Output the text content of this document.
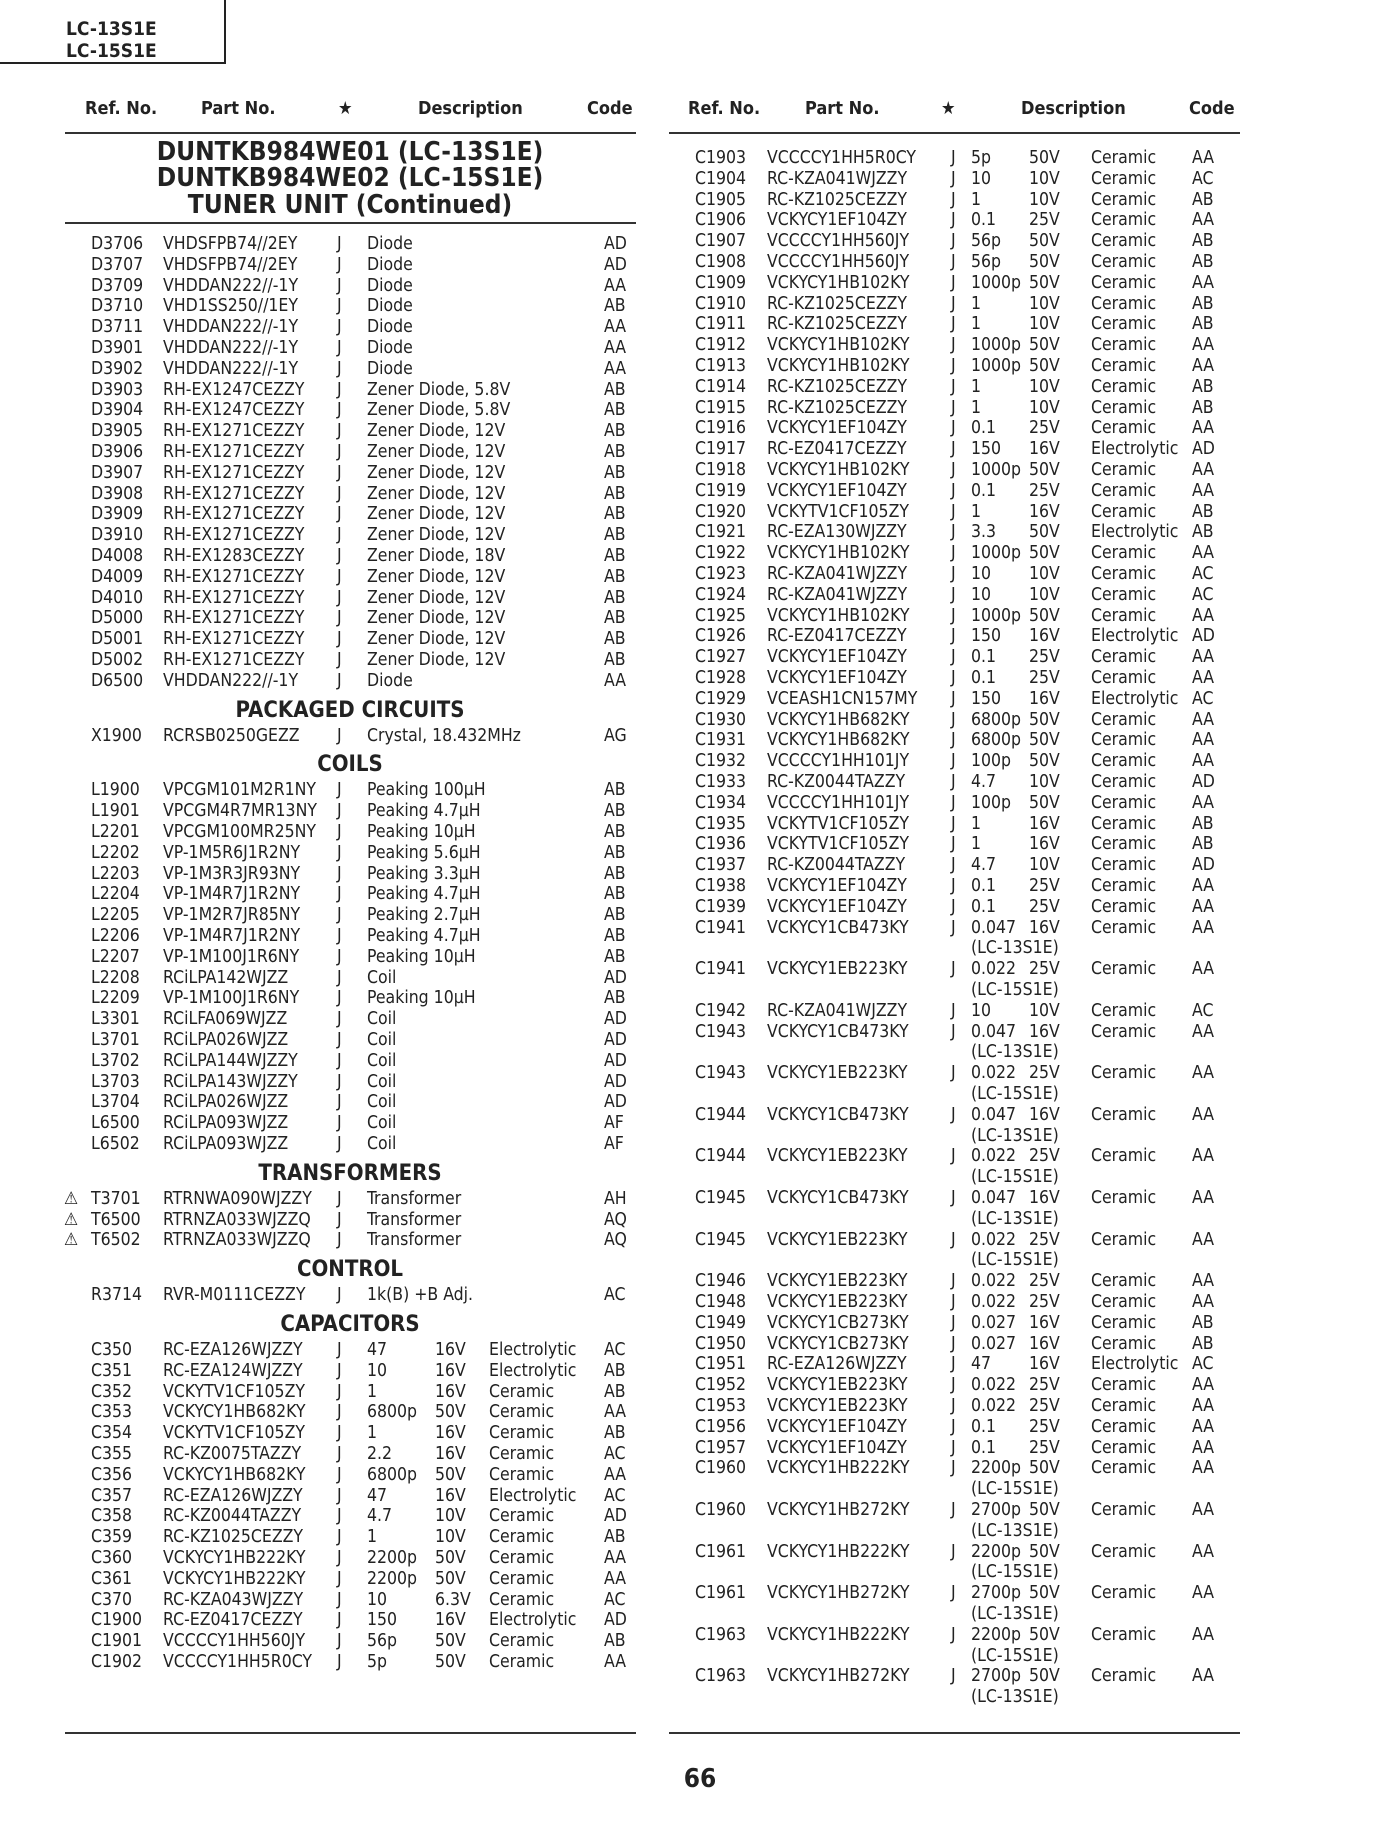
LC-13S1E
LC-15S1E
Ref. No. Part No.	★	Description	Code	Ref. No. Part No.	★	Description	Code
DUNTKB984WE01 (LC-13S1E)
DUNTKB984WE02 (LC-15S1E)
TUNER UNIT (Continued)
D3706 VHDSFPB74//2EY J Diode	AD
D3707 VHDSFPB74//2EY J Diode	AD
D3709 VHDDAN222//-1Y J Diode	AA
D3710 VHD1SS250//1EY J Diode	AB
D3711 VHDDAN222//-1Y J Diode	AA
D3901 VHDDAN222//-1Y J Diode	AA
D3902 VHDDAN222//-1Y J Diode	AA
D3903 RH-EX1247CEZZY J Zener Diode, 5.8V	AB
D3904 RH-EX1247CEZZY J Zener Diode, 5.8V	AB
D3905 RH-EX1271CEZZY J Zener Diode, 12V	AB
D3906 RH-EX1271CEZZY J Zener Diode, 12V	AB
D3907 RH-EX1271CEZZY J Zener Diode, 12V	AB
D3908 RH-EX1271CEZZY J Zener Diode, 12V	AB
D3909 RH-EX1271CEZZY J Zener Diode, 12V	AB
D3910 RH-EX1271CEZZY J Zener Diode, 12V	AB
D4008 RH-EX1283CEZZY J Zener Diode, 18V	AB
D4009 RH-EX1271CEZZY J Zener Diode, 12V	AB
D4010 RH-EX1271CEZZY J Zener Diode, 12V	AB
D5000 RH-EX1271CEZZY J Zener Diode, 12V	AB
D5001 RH-EX1271CEZZY J Zener Diode, 12V	AB
D5002 RH-EX1271CEZZY J Zener Diode, 12V	AB
D6500 VHDDAN222//-1Y J Diode	AA
PACKAGED CIRCUITS
X1900 RCRSB0250GEZZ J Crystal, 18.432MHz	AG
COILS
L1900 VPCGM101M2R1NY J Peaking 100µH	AB
L1901 VPCGM4R7MR13NY J Peaking 4.7µH	AB
L2201 VPCGM100MR25NY J Peaking 10µH	AB
L2202 VP-1M5R6J1R2NY J Peaking 5.6µH	AB
L2203 VP-1M3R3JR93NY J Peaking 3.3µH	AB
L2204 VP-1M4R7J1R2NY J Peaking 4.7µH	AB
L2205 VP-1M2R7JR85NY J Peaking 2.7µH	AB
L2206 VP-1M4R7J1R2NY J Peaking 4.7µH	AB
L2207 VP-1M100J1R6NY J Peaking 10µH	AB
L2208 RCiLPA142WJZZ	J Coil	AD
L2209 VP-1M100J1R6NY J Peaking 10µH	AB
L3301 RCiLFA069WJZZ	J Coil	AD
L3701 RCiLPA026WJZZ	J Coil	AD
L3702 RCiLPA144WJZZY J Coil	AD
L3703 RCiLPA143WJZZY J Coil	AD
L3704 RCiLPA026WJZZ	J Coil	AD
L6500 RCiLPA093WJZZ	J Coil	AF
L6502 RCiLPA093WJZZ	J Coil	AF
TRANSFORMERS
⚠ T3701 RTRNWA090WJZZY J Transformer	AH
⚠ T6500 RTRNZA033WJZZQ J Transformer	AQ
⚠ T6502 RTRNZA033WJZZQ J Transformer	AQ
CONTROL
R3714 RVR-M0111CEZZY J 1k(B) +B Adj.	AC
CAPACITORS
C350 RC-EZA126WJZZY J 47	16V Electrolytic AC
C351 RC-EZA124WJZZY J 10	16V Electrolytic AB
C352 VCKYTV1CF105ZY J 1	16V Ceramic	AB
C353 VCKYCY1HB682KY J 6800p 50V Ceramic	AA
C354 VCKYTV1CF105ZY J 1	16V Ceramic	AB
C355 RC-KZ0075TAZZY J 2.2 16V Ceramic	AC
C356 VCKYCY1HB682KY J 6800p 50V Ceramic	AA
C357 RC-EZA126WJZZY J 47	16V Electrolytic AC
C358 RC-KZ0044TAZZY J 4.7 10V Ceramic	AD
C359 RC-KZ1025CEZZY J 1	10V Ceramic	AB
C360 VCKYCY1HB222KY J 2200p 50V Ceramic	AA
C361 VCKYCY1HB222KY J 2200p 50V Ceramic	AA
C370 RC-KZA043WJZZY J 10	6.3V Ceramic	AC
C1900 RC-EZ0417CEZZY J 150 16V Electrolytic AD
C1901 VCCCCY1HH560JY J 56p 50V Ceramic	AB
C1902 VCCCCY1HH5R0CY J 5p	50V Ceramic	AA
C1903 VCCCCY1HH5R0CY J 5p 50V Ceramic AA
C1904 RC-KZA041WJZZY	J 10 10V Ceramic AC
C1905 RC-KZ1025CEZZY	J 1	10V Ceramic AB
C1906 VCKYCY1EF104ZY	J 0.1 25V Ceramic AA
C1907 VCCCCY1HH560JY J 56p 50V Ceramic AB
C1908 VCCCCY1HH560JY J 56p 50V Ceramic AB
C1909 VCKYCY1HB102KY J 1000p 50V Ceramic AA
C1910 RC-KZ1025CEZZY	J 1	10V Ceramic AB
C1911 RC-KZ1025CEZZY	J 1	10V Ceramic AB
C1912 VCKYCY1HB102KY J 1000p 50V Ceramic AA
C1913 VCKYCY1HB102KY J 1000p 50V Ceramic AA
C1914 RC-KZ1025CEZZY	J 1	10V Ceramic AB
C1915 RC-KZ1025CEZZY	J 1	10V Ceramic AB
C1916 VCKYCY1EF104ZY	J 0.1 25V Ceramic AA
C1917 RC-EZ0417CEZZY	J 150 16V Electrolytic AD
C1918 VCKYCY1HB102KY J 1000p 50V Ceramic AA
C1919 VCKYCY1EF104ZY	J 0.1 25V Ceramic AA
C1920 VCKYTV1CF105ZY J 1	16V Ceramic AB
C1921 RC-EZA130WJZZY	J 3.3 50V Electrolytic AB
C1922 VCKYCY1HB102KY J 1000p 50V Ceramic AA
C1923 RC-KZA041WJZZY	J 10 10V Ceramic AC
C1924 RC-KZA041WJZZY	J 10 10V Ceramic AC
C1925 VCKYCY1HB102KY J 1000p 50V Ceramic AA
C1926 RC-EZ0417CEZZY	J 150 16V Electrolytic AD
C1927 VCKYCY1EF104ZY	J 0.1 25V Ceramic AA
C1928 VCKYCY1EF104ZY	J 0.1 25V Ceramic AA
C1929 VCEASH1CN157MY J 150 16V Electrolytic AC
C1930 VCKYCY1HB682KY J 6800p 50V Ceramic AA
C1931 VCKYCY1HB682KY J 6800p 50V Ceramic AA
C1932 VCCCCY1HH101JY J 100p 50V Ceramic AA
C1933 RC-KZ0044TAZZY	J 4.7 10V Ceramic AD
C1934 VCCCCY1HH101JY J 100p 50V Ceramic AA
C1935 VCKYTV1CF105ZY J 1	16V Ceramic AB
C1936 VCKYTV1CF105ZY J 1	16V Ceramic AB
C1937 RC-KZ0044TAZZY	J 4.7 10V Ceramic AD
C1938 VCKYCY1EF104ZY	J 0.1 25V Ceramic AA
C1939 VCKYCY1EF104ZY	J 0.1 25V Ceramic AA
C1941 VCKYCY1CB473KY J 0.047 16V Ceramic AA
(LC-13S1E)
C1941 VCKYCY1EB223KY J 0.022 25V Ceramic AA
(LC-15S1E)
C1942 RC-KZA041WJZZY	J 10 10V Ceramic AC
C1943 VCKYCY1CB473KY J 0.047 16V Ceramic AA
(LC-13S1E)
C1943 VCKYCY1EB223KY J 0.022 25V Ceramic AA
(LC-15S1E)
C1944 VCKYCY1CB473KY J 0.047 16V Ceramic AA
(LC-13S1E)
C1944 VCKYCY1EB223KY J 0.022 25V Ceramic AA
(LC-15S1E)
C1945 VCKYCY1CB473KY J 0.047 16V Ceramic AA
(LC-13S1E)
C1945 VCKYCY1EB223KY J 0.022 25V Ceramic AA
(LC-15S1E)
C1946 VCKYCY1EB223KY J 0.022 25V Ceramic AA
C1948 VCKYCY1EB223KY J 0.022 25V Ceramic AA
C1949 VCKYCY1CB273KY J 0.027 16V Ceramic AB
C1950 VCKYCY1CB273KY J 0.027 16V Ceramic AB
C1951 RC-EZA126WJZZY	J 47 16V Electrolytic AC
C1952 VCKYCY1EB223KY J 0.022 25V Ceramic AA
C1953 VCKYCY1EB223KY J 0.022 25V Ceramic AA
C1956 VCKYCY1EF104ZY	J 0.1 25V Ceramic AA
C1957 VCKYCY1EF104ZY	J 0.1 25V Ceramic AA
C1960 VCKYCY1HB222KY J 2200p 50V Ceramic AA
(LC-15S1E)
C1960 VCKYCY1HB272KY J 2700p 50V Ceramic AA
(LC-13S1E)
C1961 VCKYCY1HB222KY J 2200p 50V Ceramic AA
(LC-15S1E)
C1961 VCKYCY1HB272KY J 2700p 50V Ceramic AA
(LC-13S1E)
C1963 VCKYCY1HB222KY J 2200p 50V Ceramic AA
(LC-15S1E)
C1963 VCKYCY1HB272KY J 2700p 50V Ceramic AA
(LC-13S1E)
66
